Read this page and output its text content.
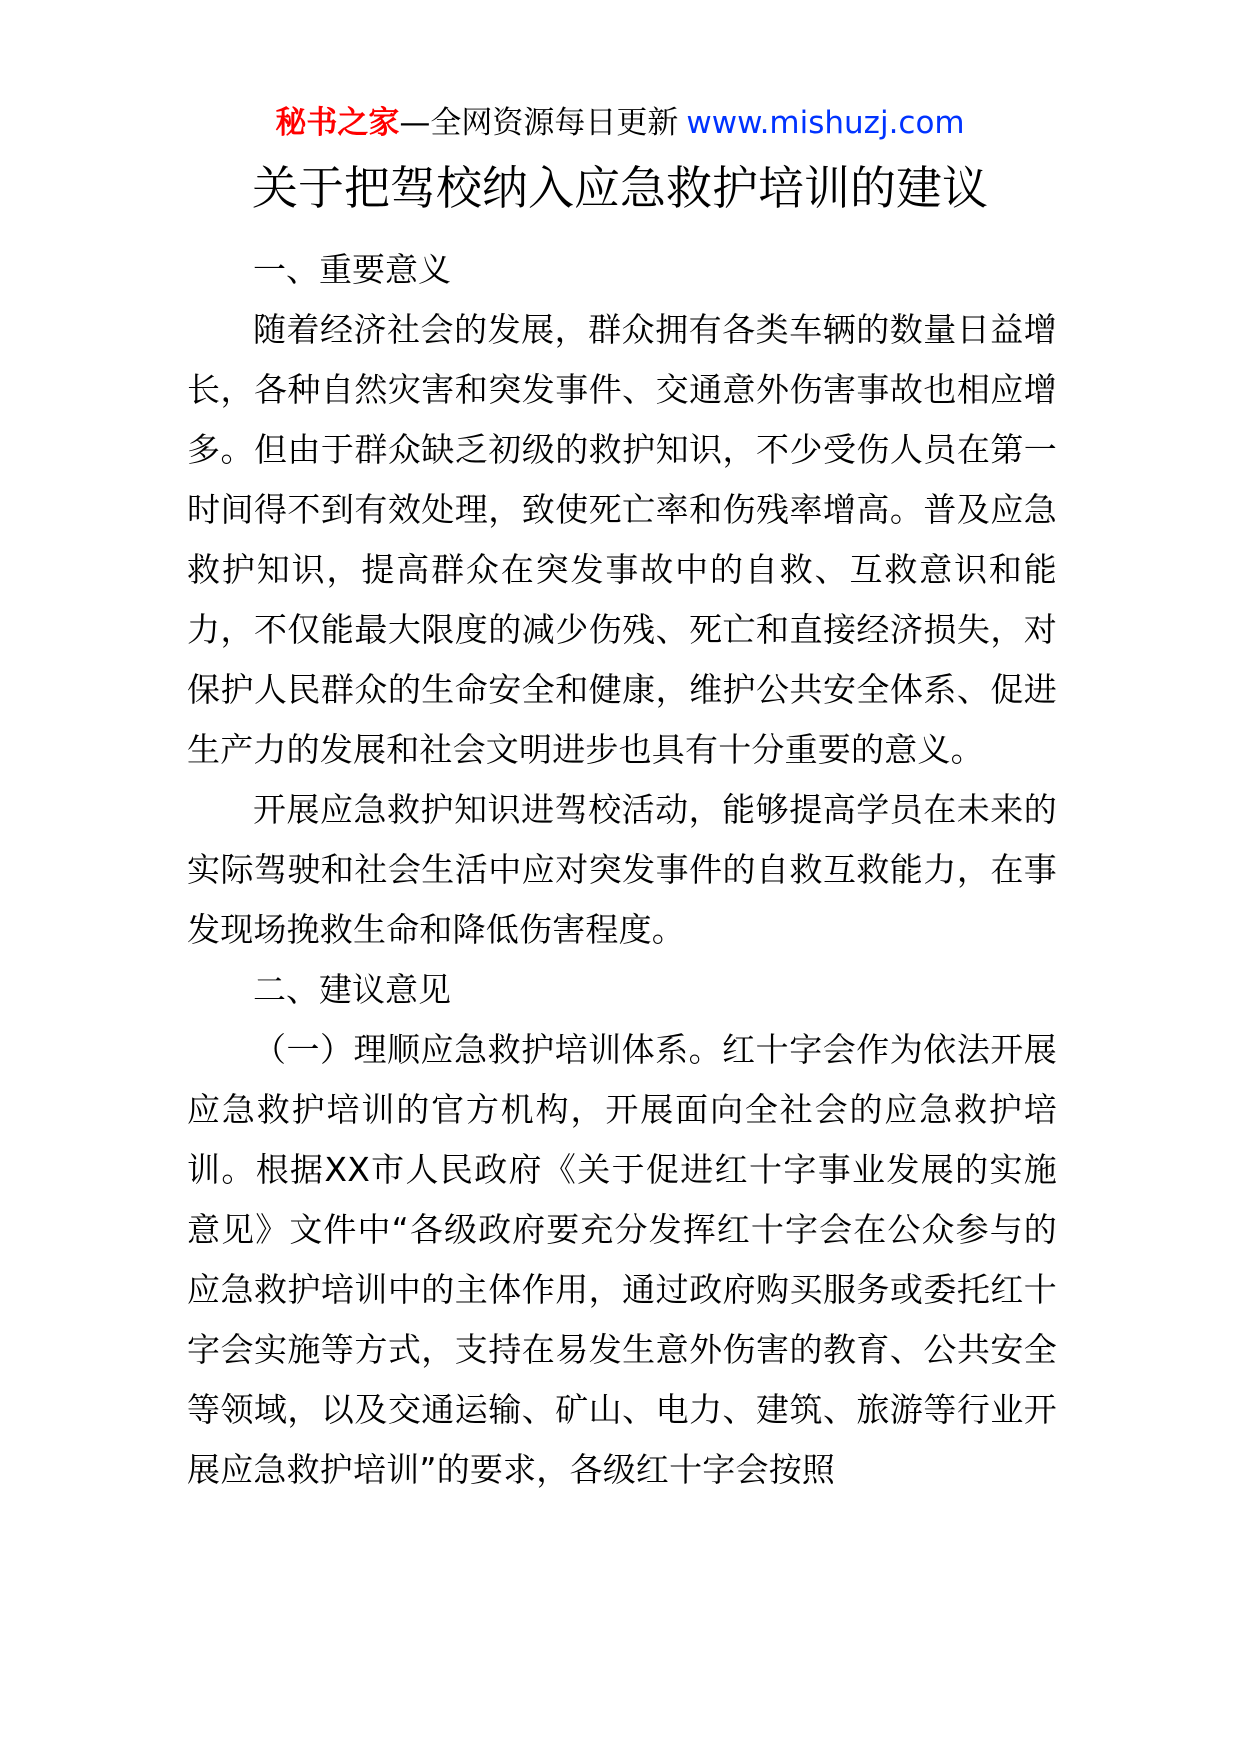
秘书之家—全网资源每日更新 www.mishuzj.com
关于把驾校纳入应急救护培训的建议

一、重要意义

随着经济社会的发展，群众拥有各类车辆的数量日益增长，各种自然灾害和突发事件、交通意外伤害事故也相应增多。但由于群众缺乏初级的救护知识，不少受伤人员在第一时间得不到有效处理，致使死亡率和伤残率增高。普及应急救护知识，提高群众在突发事故中的自救、互救意识和能力，不仅能最大限度的减少伤残、死亡和直接经济损失，对保护人民群众的生命安全和健康，维护公共安全体系、促进生产力的发展和社会文明进步也具有十分重要的意义。

开展应急救护知识进驾校活动，能够提高学员在未来的实际驾驶和社会生活中应对突发事件的自救互救能力，在事发现场挽救生命和降低伤害程度。

二、建议意见

（一）理顺应急救护培训体系。红十字会作为依法开展应急救护培训的官方机构，开展面向全社会的应急救护培训。根据XX市人民政府《关于促进红十字事业发展的实施意见》文件中“各级政府要充分发挥红十字会在公众参与的应急救护培训中的主体作用，通过政府购买服务或委托红十字会实施等方式，支持在易发生意外伤害的教育、公共安全等领域，以及交通运输、矿山、电力、建筑、旅游等行业开展应急救护培训”的要求，各级红十字会按照
